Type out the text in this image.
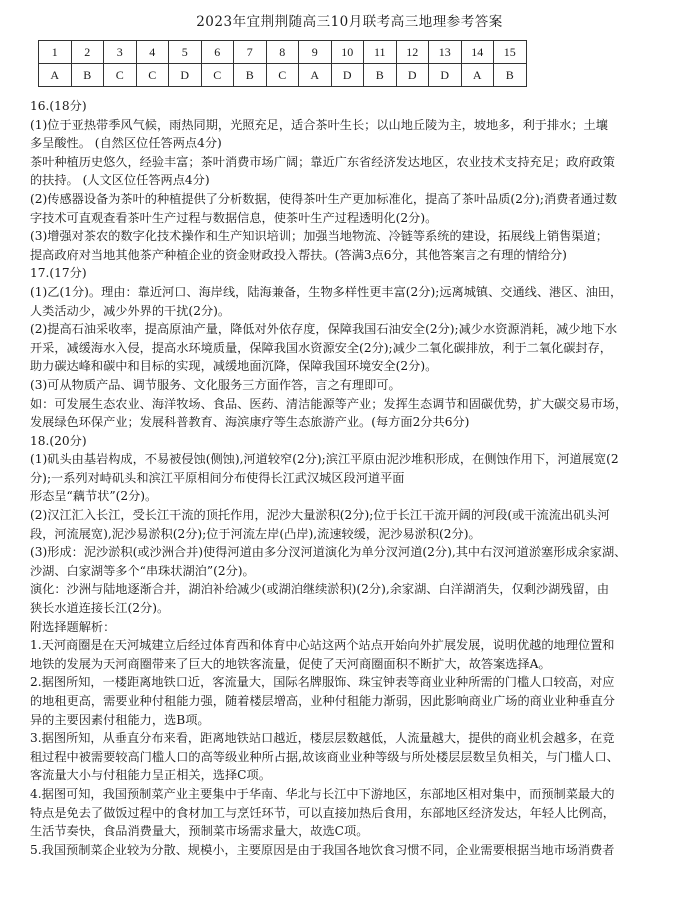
2023年宜荆荆随高三10月联考高三地理参考答案
1	2	3	4	5	6	7	8	9	10	11	12	13	14	15
A	B	C	C	D	C	B	C	A	D	B	D	D	A	B

16.(18分)

(1)位于亚热带季风气候，雨热同期，光照充足，适合茶叶生长；以山地丘陵为主，坡地多，利于排水；土壤

多呈酸性。 (自然区位任答两点4分)

茶叶种植历史悠久，经验丰富；茶叶消费市场广阔；靠近广东省经济发达地区，农业技术支持充足；政府政策

的扶持。 (人文区位任答两点4分)

(2)传感器设备为茶叶的种植提供了分析数据，使得茶叶生产更加标准化，提高了茶叶品质(2分);消费者通过数

字技术可直观查看茶叶生产过程与数据信息，使茶叶生产过程透明化(2分)。

(3)增强对茶农的数字化技术操作和生产知识培训；加强当地物流、冷链等系统的建设，拓展线上销售渠道；

提高政府对当地其他茶产种植企业的资金财政投入帮扶。(答满3点6分，其他答案言之有理的情给分)

17.(17分)

(1)乙(1分)。理由：靠近河口、海岸线，陆海兼备，生物多样性更丰富(2分);远离城镇、交通线、港区、油田，

人类活动少，减少外界的干扰(2分)。

(2)提高石油采收率，提高原油产量，降低对外依存度，保障我国石油安全(2分);减少水资源消耗，减少地下水

开采，减缓海水入侵，提高水环境质量，保障我国水资源安全(2分);减少二氧化碳排放，利于二氧化碳封存，

助力碳达峰和碳中和目标的实现，减缓地面沉降，保障我国环境安全(2分)。

(3)可从物质产品、调节服务、文化服务三方面作答，言之有理即可。

如：可发展生态农业、海洋牧场、食品、医药、清洁能源等产业；发挥生态调节和固碳优势，扩大碳交易市场，

发展绿色环保产业；发展科普教育、海滨康疗等生态旅游产业。(每方面2分共6分)

18.(20分)

(1)矶头由基岩构成，不易被侵蚀(侧蚀),河道较窄(2分);滨江平原由泥沙堆积形成，在侧蚀作用下，河道展宽(2

分);一系列对峙矶头和滨江平原相间分布使得长江武汉城区段河道平面

形态呈“藕节状”(2分)。

(2)汉江汇入长江，受长江干流的顶托作用，泥沙大量淤积(2分);位于长江干流开阔的河段(或干流流出矶头河

段，河流展宽),泥沙易淤积(2分);位于河流左岸(凸岸),流速较缓，泥沙易淤积(2分)。

(3)形成：泥沙淤积(或沙洲合并)使得河道由多分汊河道演化为单分汊河道(2分),其中右汊河道淤塞形成余家湖、

沙湖、白家湖等多个“串珠状湖泊”(2分)。

演化：沙洲与陆地逐渐合并，湖泊补给减少(或湖泊继续淤积)(2分),余家湖、白洋湖消失，仅剩沙湖残留，由

狭长水道连接长江(2分)。

附选择题解析：

1.天河商圈是在天河城建立后经过体育西和体育中心站这两个站点开始向外扩展发展，说明优越的地理位置和

地铁的发展为天河商圈带来了巨大的地铁客流量，促使了天河商圈面积不断扩大，故答案选择A。

2.据图所知，一楼距离地铁口近，客流量大，国际名牌服饰、珠宝钟表等商业业种所需的门槛人口较高，对应

的地租更高，需要业种付租能力强，随着楼层增高，业种付租能力渐弱，因此影响商业广场的商业业种垂直分

异的主要因素付租能力，选B项。

3.据图所知，从垂直分布来看，距离地铁站口越近，楼层层数越低，人流量越大，提供的商业机会越多，在竞

租过程中被需要较高门槛人口的高等级业种所占据,故该商业业种等级与所处楼层层数呈负相关，与门槛人口、

客流量大小与付租能力呈正相关，选择C项。

4.据图可知，我国预制菜产业主要集中于华南、华北与长江中下游地区，东部地区相对集中，而预制菜最大的

特点是免去了做饭过程中的食材加工与烹饪环节，可以直接加热后食用，东部地区经济发达，年轻人比例高，

生活节奏快，食品消费量大，预制菜市场需求量大，故选C项。

5.我国预制菜企业较为分散、规模小，主要原因是由于我国各地饮食习惯不同，企业需要根据当地市场消费者
